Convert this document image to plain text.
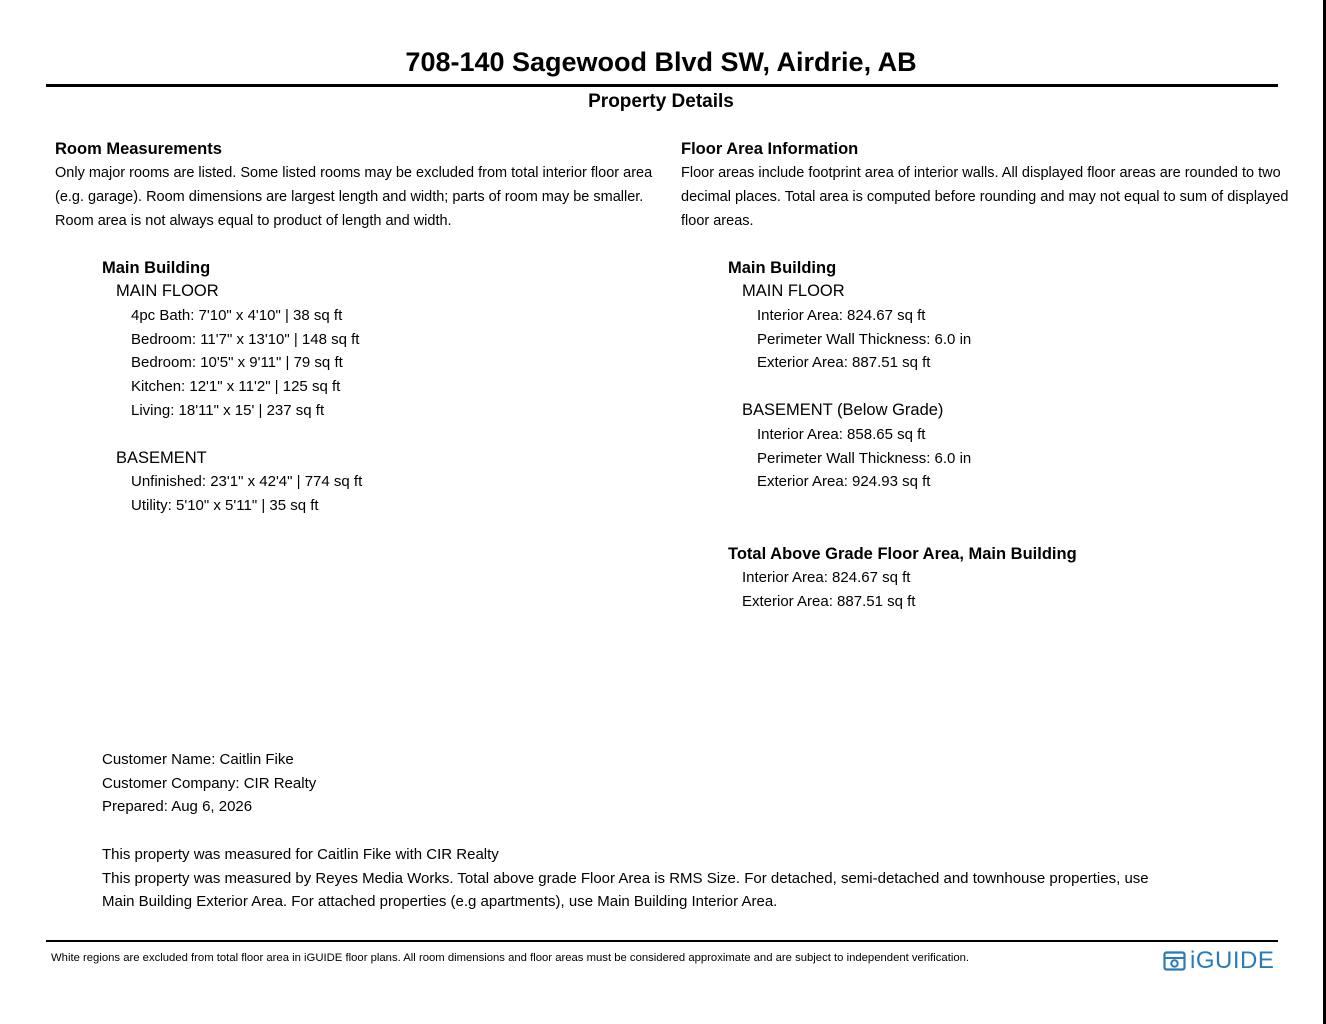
708-140 Sagewood Blvd SW, Airdrie, AB
Property Details
Room Measurements

Only major rooms are listed. Some listed rooms may be excluded from total interior floor area

(e.g. garage). Room dimensions are largest length and width; parts of room may be smaller.

Room area is not always equal to product of length and width.

Floor Area Information

Floor areas include footprint area of interior walls. All displayed floor areas are rounded to two

decimal places. Total area is computed before rounding and may not equal to sum of displayed

floor areas.

Main Building
MAIN FLOOR
4pc Bath: 7'10" x 4'10" | 38 sq ft
Bedroom: 11'7" x 13'10" | 148 sq ft
Bedroom: 10'5" x 9'11" | 79 sq ft
Kitchen: 12'1" x 11'2" | 125 sq ft
Living: 18'11" x 15' | 237 sq ft
BASEMENT
Unfinished: 23'1" x 42'4" | 774 sq ft
Utility: 5'10" x 5'11" | 35 sq ft
Main Building
MAIN FLOOR
Interior Area: 824.67 sq ft
Perimeter Wall Thickness: 6.0 in
Exterior Area: 887.51 sq ft
BASEMENT (Below Grade)
Interior Area: 858.65 sq ft
Perimeter Wall Thickness: 6.0 in
Exterior Area: 924.93 sq ft
Total Above Grade Floor Area, Main Building
Interior Area: 824.67 sq ft
Exterior Area: 887.51 sq ft
Customer Name: Caitlin Fike
Customer Company: CIR Realty
Prepared: Aug 6, 2026
This property was measured for Caitlin Fike with CIR Realty
This property was measured by Reyes Media Works. Total above grade Floor Area is RMS Size. For detached, semi-detached and townhouse properties, use
Main Building Exterior Area. For attached properties (e.g apartments), use Main Building Interior Area.
White regions are excluded from total floor area in iGUIDE floor plans. All room dimensions and floor areas must be considered approximate and are subject to independent verification.	iGUIDE
